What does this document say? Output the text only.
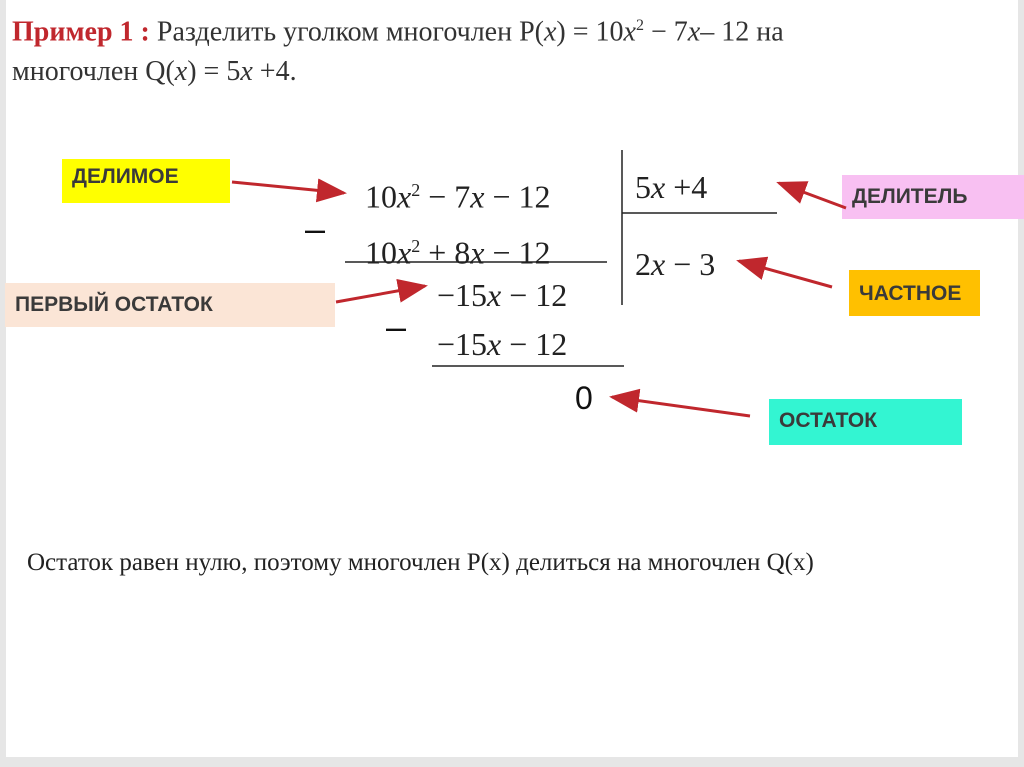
Пример 1 : Разделить уголком многочлен $P(x) = 10x^2 - 7x-$ 12 на
многочлен Q(x) = 5x +4.
ДЕЛИМОЕ
ДЕЛИТЕЛЬ
ПЕРВЫЙ ОСТАТОК	ЧАСТНОЕ
ОСТАТОК
$10x^2 - 7x - 12$	5x +4
$10x^2 + 8x - 12$	2x − 3
−15x − 12
−15x − 12
0
–
–
Остаток равен нулю, поэтому многочлен P(x) делиться на многочлен Q(x)
